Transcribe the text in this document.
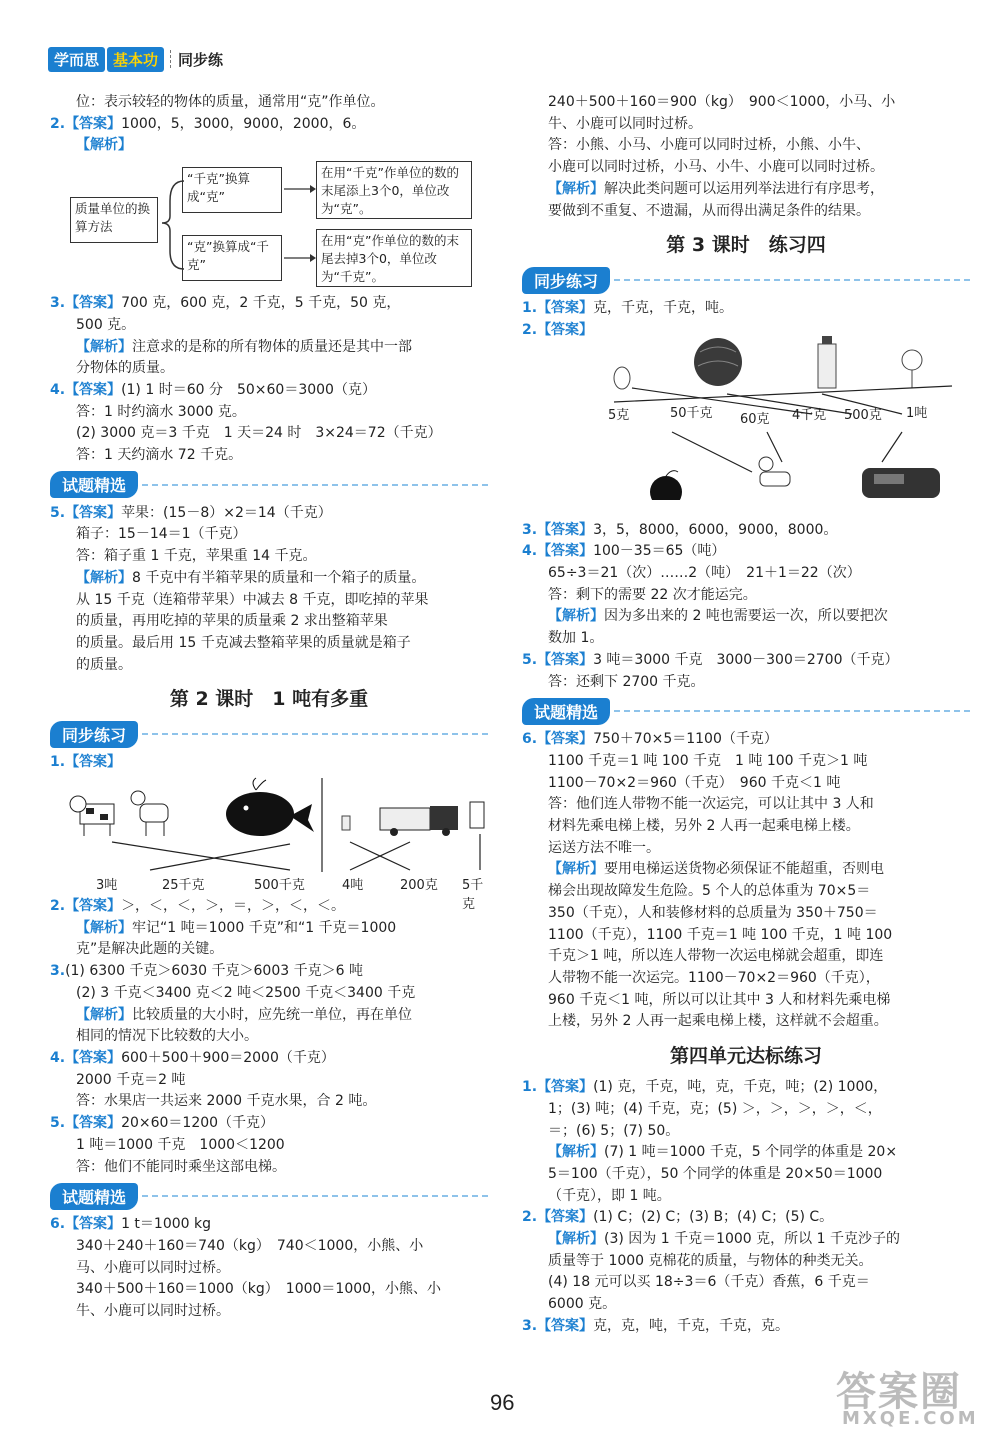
学而思 基本功	同步练
位：表示较轻的物体的质量，通常用“克”作单位。
2.【答案】1000，5，3000，9000，2000，6。
【解析】
质量单位的换算方法
“千克”换算成“克”
“克”换算成“千克”
在用“千克”作单位的数的末尾添上3个0，单位改为“克”。
在用“克”作单位的数的末尾去掉3个0，单位改为“千克”。
3.【答案】700 克，600 克，2 千克，5 千克，50 克，
500 克。
【解析】注意求的是称的所有物体的质量还是其中一部
分物体的质量。
4.【答案】(1) 1 时＝60 分　50×60＝3000（克）
答：1 时约滴水 3000 克。
(2) 3000 克＝3 千克　1 天＝24 时　3×24＝72（千克）
答：1 天约滴水 72 千克。
试题精选
5.【答案】苹果：(15－8）×2＝14（千克）
箱子：15－14＝1（千克）
答：箱子重 1 千克，苹果重 14 千克。
【解析】8 千克中有半箱苹果的质量和一个箱子的质量。
从 15 千克（连箱带苹果）中减去 8 千克，即吃掉的苹果
的质量，再用吃掉的苹果的质量乘 2 求出整箱苹果
的质量。最后用 15 千克减去整箱苹果的质量就是箱子
的质量。
第 2 课时　1 吨有多重
同步练习
1.【答案】
3吨	25千克	500千克	4吨	200克 5千克
2.【答案】＞，＜，＜，＞，＝，＞，＜，＜。
【解析】牢记“1 吨＝1000 千克”和“1 千克＝1000
克”是解决此题的关键。
3.(1) 6300 千克＞6030 千克＞6003 千克＞6 吨
(2) 3 千克＜3400 克＜2 吨＜2500 千克＜3400 千克
【解析】比较质量的大小时，应先统一单位，再在单位
相同的情况下比较数的大小。
4.【答案】600＋500＋900＝2000（千克）
2000 千克＝2 吨
答：水果店一共运来 2000 千克水果，合 2 吨。
5.【答案】20×60＝1200（千克）
1 吨＝1000 千克　1000＜1200
答：他们不能同时乘坐这部电梯。
试题精选
6.【答案】1 t＝1000 kg
340＋240＋160＝740（kg）　740＜1000，小熊、小
马、小鹿可以同时过桥。
340＋500＋160＝1000（kg）　1000＝1000，小熊、小
牛、小鹿可以同时过桥。
240＋500＋160＝900（kg）　900＜1000，小马、小
牛、小鹿可以同时过桥。
答：小熊、小马、小鹿可以同时过桥，小熊、小牛、
小鹿可以同时过桥，小马、小牛、小鹿可以同时过桥。
【解析】解决此类问题可以运用列举法进行有序思考，
要做到不重复、不遗漏，从而得出满足条件的结果。
第 3 课时　练习四
同步练习
1.【答案】克，千克，千克，吨。
2.【答案】
5克	50千克 60克 4千克 500克 1吨
3.【答案】3，5，8000，6000，9000，8000。
4.【答案】100－35＝65（吨）
65÷3＝21（次）……2（吨）　21＋1＝22（次）
答：剩下的需要 22 次才能运完。
【解析】因为多出来的 2 吨也需要运一次，所以要把次
数加 1。
5.【答案】3 吨＝3000 千克　3000－300＝2700（千克）
答：还剩下 2700 千克。
试题精选
6.【答案】750＋70×5＝1100（千克）
1100 千克＝1 吨 100 千克　1 吨 100 千克＞1 吨
1100－70×2＝960（千克）　960 千克＜1 吨
答：他们连人带物不能一次运完，可以让其中 3 人和
材料先乘电梯上楼，另外 2 人再一起乘电梯上楼。
运送方法不唯一。
【解析】要用电梯运送货物必须保证不能超重，否则电
梯会出现故障发生危险。5 个人的总体重为 70×5＝
350（千克），人和装修材料的总质量为 350＋750＝
1100（千克），1100 千克＝1 吨 100 千克，1 吨 100
千克＞1 吨，所以连人带物一次运电梯就会超重，即连
人带物不能一次运完。1100－70×2＝960（千克），
960 千克＜1 吨，所以可以让其中 3 人和材料先乘电梯
上楼，另外 2 人再一起乘电梯上楼，这样就不会超重。
第四单元达标练习
1.【答案】(1) 克，千克，吨，克，千克，吨；(2) 1000，
1；(3) 吨；(4) 千克，克；(5) ＞，＞，＞，＞，＜，
＝；(6) 5；(7) 50。
【解析】(7) 1 吨＝1000 千克，5 个同学的体重是 20×
5＝100（千克），50 个同学的体重是 20×50＝1000
（千克），即 1 吨。
2.【答案】(1) C；(2) C；(3) B；(4) C；(5) C。
【解析】(3) 因为 1 千克＝1000 克，所以 1 千克沙子的
质量等于 1000 克棉花的质量，与物体的种类无关。
(4) 18 元可以买 18÷3＝6（千克）香蕉，6 千克＝
6000 克。
3.【答案】克，克，吨，千克，千克，克。
96	答案圈
MXQE.COM
